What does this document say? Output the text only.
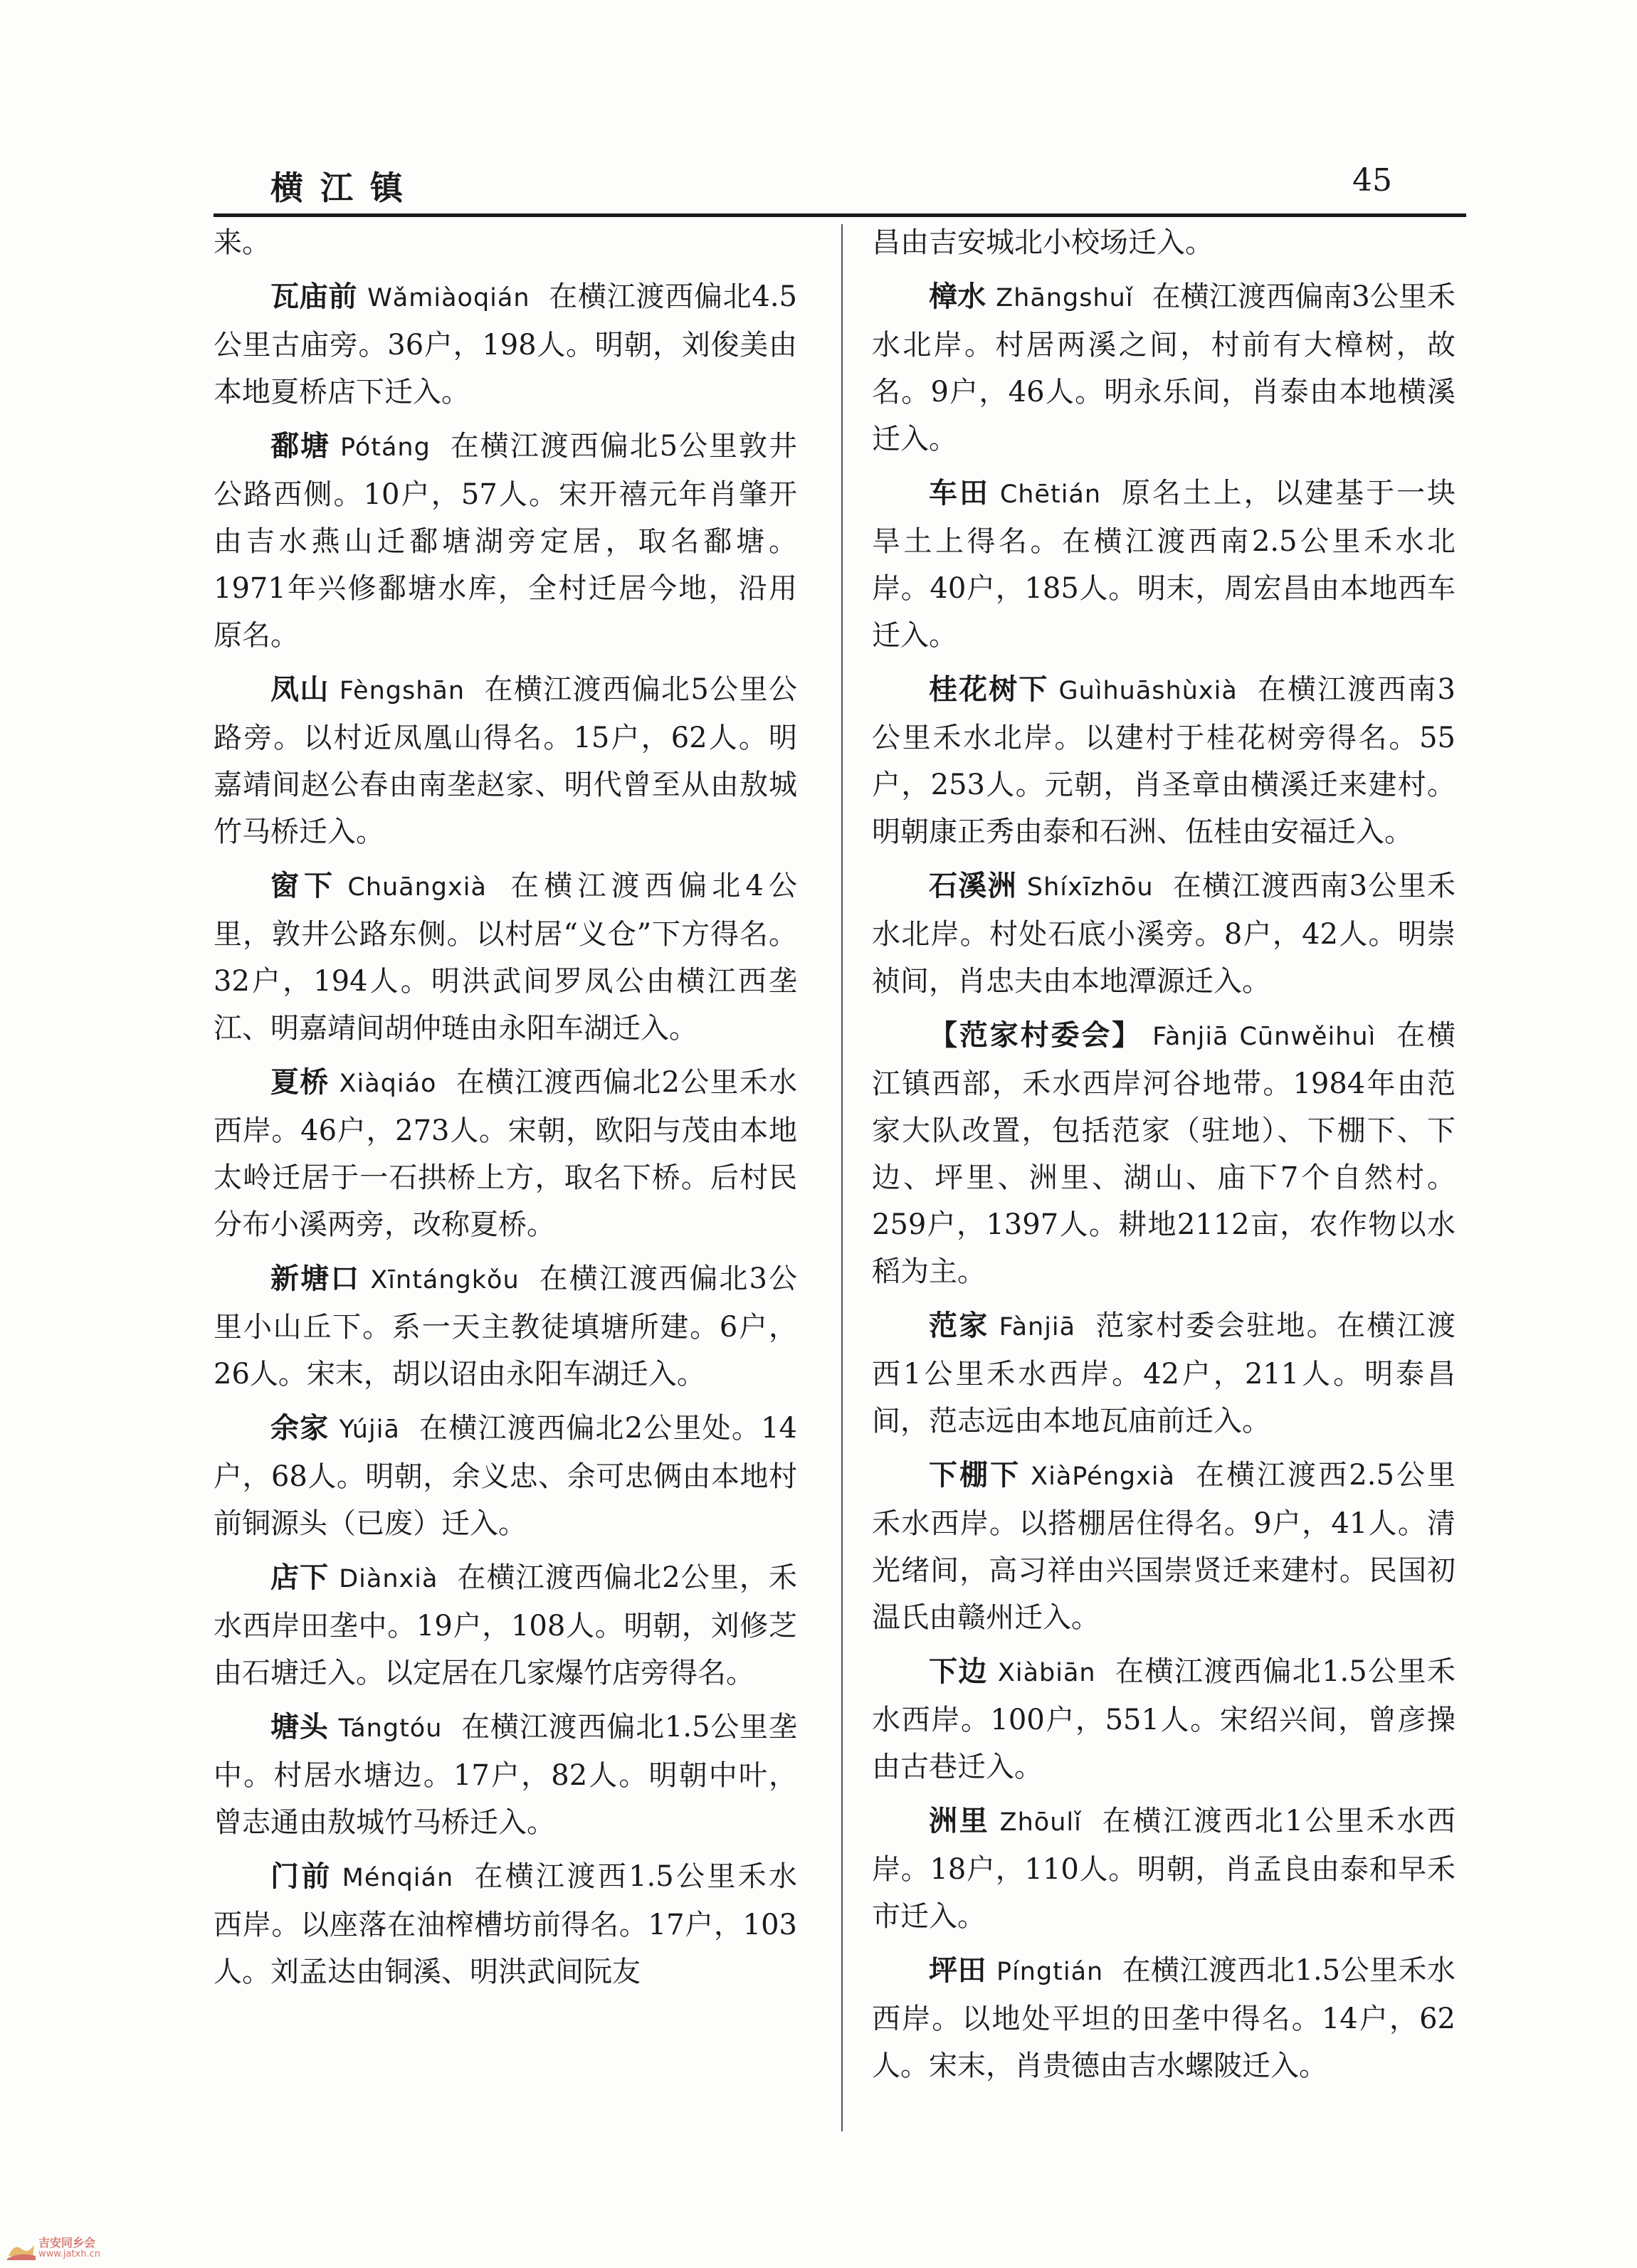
横江镇	45

来。

瓦庙前 Wǎmiàoqián 在横江渡西偏北4.5公里古庙旁。36户，198人。明朝，刘俊美由本地夏桥店下迁入。

鄱塘 Pótáng 在横江渡西偏北5公里敦井公路西侧。10户，57人。宋开禧元年肖肇开由吉水燕山迁鄱塘湖旁定居，取名鄱塘。1971年兴修鄱塘水库，全村迁居今地，沿用原名。

凤山 Fèngshān 在横江渡西偏北5公里公路旁。以村近凤凰山得名。15户，62人。明嘉靖间赵公春由南垄赵家、明代曾至从由敖城竹马桥迁入。

窗下 Chuāngxià 在横江渡西偏北4公里，敦井公路东侧。以村居“义仓”下方得名。32户，194人。明洪武间罗凤公由横江西垄江、明嘉靖间胡仲琏由永阳车湖迁入。

夏桥 Xiàqiáo 在横江渡西偏北2公里禾水西岸。46户，273人。宋朝，欧阳与茂由本地太岭迁居于一石拱桥上方，取名下桥。后村民分布小溪两旁，改称夏桥。

新塘口 Xīntángkǒu 在横江渡西偏北3公里小山丘下。系一天主教徒填塘所建。6户，26人。宋末，胡以诏由永阳车湖迁入。

余家 Yújiā 在横江渡西偏北2公里处。14户，68人。明朝，余义忠、余可忠俩由本地村前铜源头（已废）迁入。

店下 Diànxià 在横江渡西偏北2公里，禾水西岸田垄中。19户，108人。明朝，刘修芝由石塘迁入。以定居在几家爆竹店旁得名。

塘头 Tángtóu 在横江渡西偏北1.5公里垄中。村居水塘边。17户，82人。明朝中叶，曾志通由敖城竹马桥迁入。

门前 Ménqián 在横江渡西1.5公里禾水西岸。以座落在油榨槽坊前得名。17户，103人。刘孟达由铜溪、明洪武间阮友

昌由吉安城北小校场迁入。

樟水 Zhāngshuǐ 在横江渡西偏南3公里禾水北岸。村居两溪之间，村前有大樟树，故名。9户，46人。明永乐间，肖泰由本地横溪迁入。

车田 Chētián 原名土上，以建基于一块旱土上得名。在横江渡西南2.5公里禾水北岸。40户，185人。明末，周宏昌由本地西车迁入。

桂花树下 Guìhuāshùxià 在横江渡西南3公里禾水北岸。以建村于桂花树旁得名。55户，253人。元朝，肖圣章由横溪迁来建村。明朝康正秀由泰和石洲、伍桂由安福迁入。

石溪洲 Shíxīzhōu 在横江渡西南3公里禾水北岸。村处石底小溪旁。8户，42人。明崇祯间，肖忠夫由本地潭源迁入。

【范家村委会】 Fànjiā Cūnwěihuì 在横江镇西部，禾水西岸河谷地带。1984年由范家大队改置，包括范家（驻地）、下棚下、下边、坪里、洲里、湖山、庙下7个自然村。259户，1397人。耕地2112亩，农作物以水稻为主。

范家 Fànjiā 范家村委会驻地。在横江渡西1公里禾水西岸。42户，211人。明泰昌间，范志远由本地瓦庙前迁入。

下棚下 XiàPéngxià 在横江渡西2.5公里禾水西岸。以搭棚居住得名。9户，41人。清光绪间，高习祥由兴国崇贤迁来建村。民国初温氏由赣州迁入。

下边 Xiàbiān 在横江渡西偏北1.5公里禾水西岸。100户，551人。宋绍兴间，曾彦操由古巷迁入。

洲里 Zhōulǐ 在横江渡西北1公里禾水西岸。18户，110人。明朝，肖孟良由泰和早禾市迁入。

坪田 Píngtián 在横江渡西北1.5公里禾水西岸。以地处平坦的田垄中得名。14户，62人。宋末，肖贵德由吉水螺陂迁入。

吉安同乡会
www.jatxh.cn
